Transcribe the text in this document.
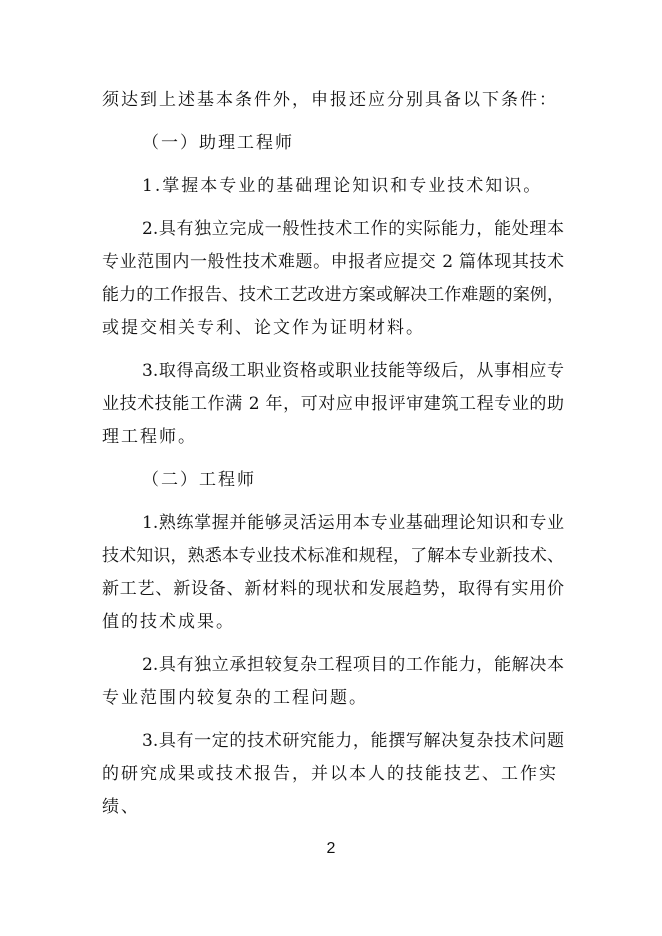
须达到上述基本条件外，申报还应分别具备以下条件：
（一）助理工程师
1.掌握本专业的基础理论知识和专业技术知识。
2.具有独立完成一般性技术工作的实际能力，能处理本
专业范围内一般性技术难题。申报者应提交 2 篇体现其技术
能力的工作报告、技术工艺改进方案或解决工作难题的案例，
或提交相关专利、论文作为证明材料。
3.取得高级工职业资格或职业技能等级后，从事相应专
业技术技能工作满 2 年，可对应申报评审建筑工程专业的助
理工程师。
（二）工程师
1.熟练掌握并能够灵活运用本专业基础理论知识和专业
技术知识，熟悉本专业技术标准和规程，了解本专业新技术、
新工艺、新设备、新材料的现状和发展趋势，取得有实用价
值的技术成果。
2.具有独立承担较复杂工程项目的工作能力，能解决本
专业范围内较复杂的工程问题。
3.具有一定的技术研究能力，能撰写解决复杂技术问题
的研究成果或技术报告，并以本人的技能技艺、工作实绩、
2
